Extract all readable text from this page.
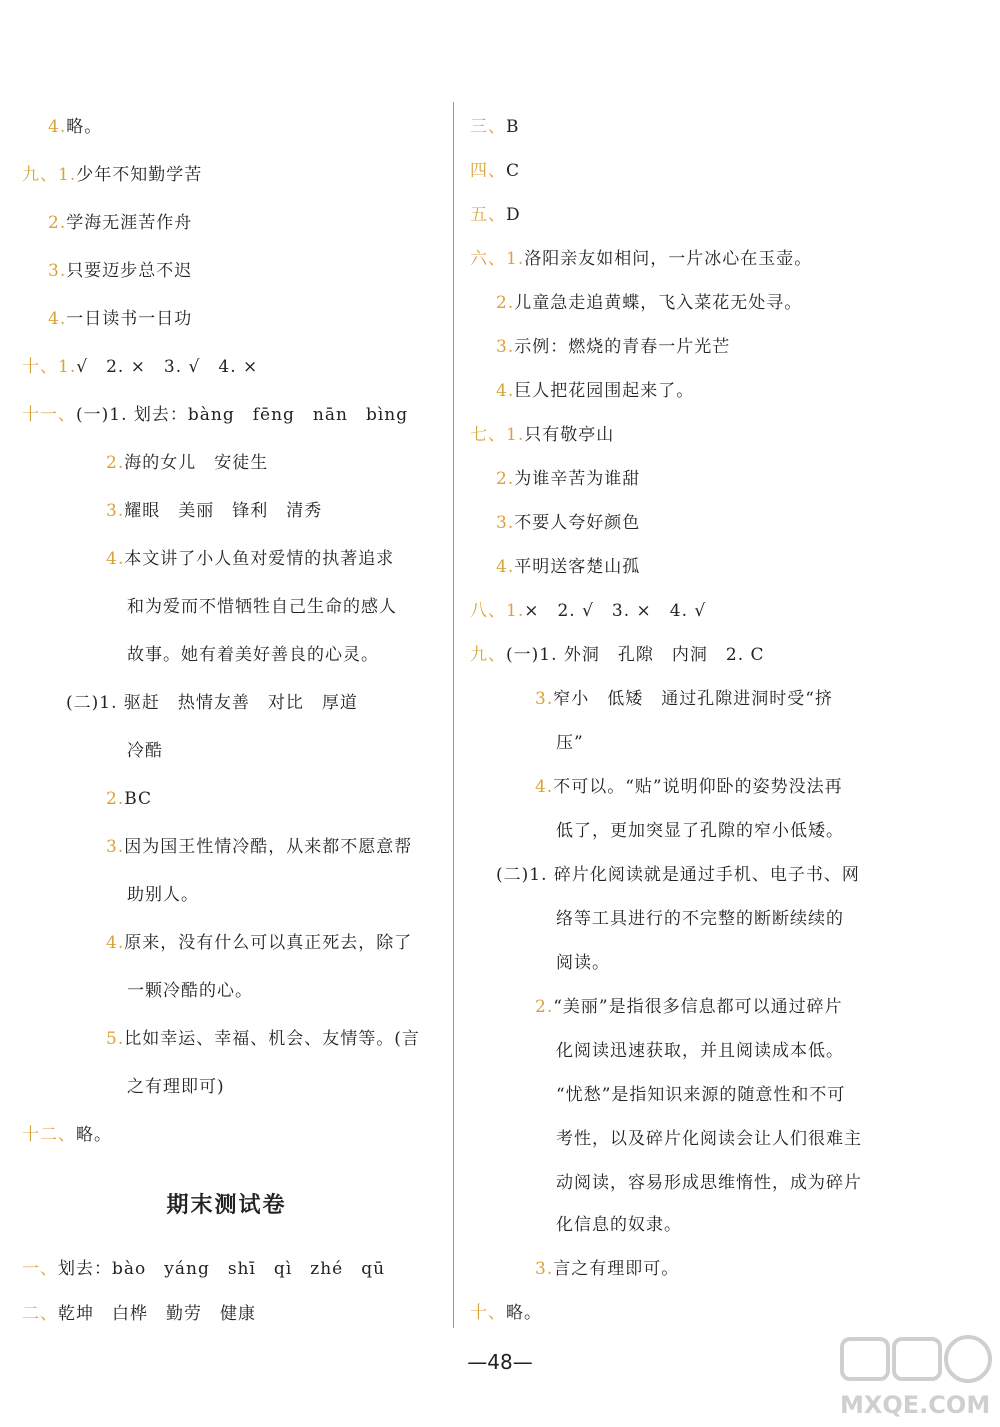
4.略。
九、1.少年不知勤学苦
2.学海无涯苦作舟
3.只要迈步总不迟
4.一日读书一日功
十、1.√　2. ×　3. √　4. ×
十一、(一)1. 划去：bàng　fēng　nān　bìng
2.海的女儿　安徒生
3.耀眼　美丽　锋利　清秀
4.本文讲了小人鱼对爱情的执著追求
和为爱而不惜牺牲自己生命的感人
故事。她有着美好善良的心灵。
(二)1. 驱赶　热情友善　对比　厚道
冷酷
2.BC
3.因为国王性情冷酷，从来都不愿意帮
助别人。
4.原来，没有什么可以真正死去，除了
一颗冷酷的心。
5.比如幸运、幸福、机会、友情等。(言
之有理即可)
十二、略。
期末测试卷
一、划去：bào　yáng　shī　qì　zhé　qū
二、乾坤　白桦　勤劳　健康
三、B
四、C
五、D
六、1.洛阳亲友如相问，一片冰心在玉壶。
2.儿童急走追黄蝶，飞入菜花无处寻。
3.示例：燃烧的青春一片光芒
4.巨人把花园围起来了。
七、1.只有敬亭山
2.为谁辛苦为谁甜
3.不要人夸好颜色
4.平明送客楚山孤
八、1.×　2. √　3. ×　4. √
九、(一)1. 外洞　孔隙　内洞　2. C
3.窄小　低矮　通过孔隙进洞时受“挤
压”
4.不可以。“贴”说明仰卧的姿势没法再
低了，更加突显了孔隙的窄小低矮。
(二)1. 碎片化阅读就是通过手机、电子书、网
络等工具进行的不完整的断断续续的
阅读。
2.“美丽”是指很多信息都可以通过碎片
化阅读迅速获取，并且阅读成本低。
“忧愁”是指知识来源的随意性和不可
考性，以及碎片化阅读会让人们很难主
动阅读，容易形成思维惰性，成为碎片
化信息的奴隶。
3.言之有理即可。
十、略。
—48—
MXQE.COM
